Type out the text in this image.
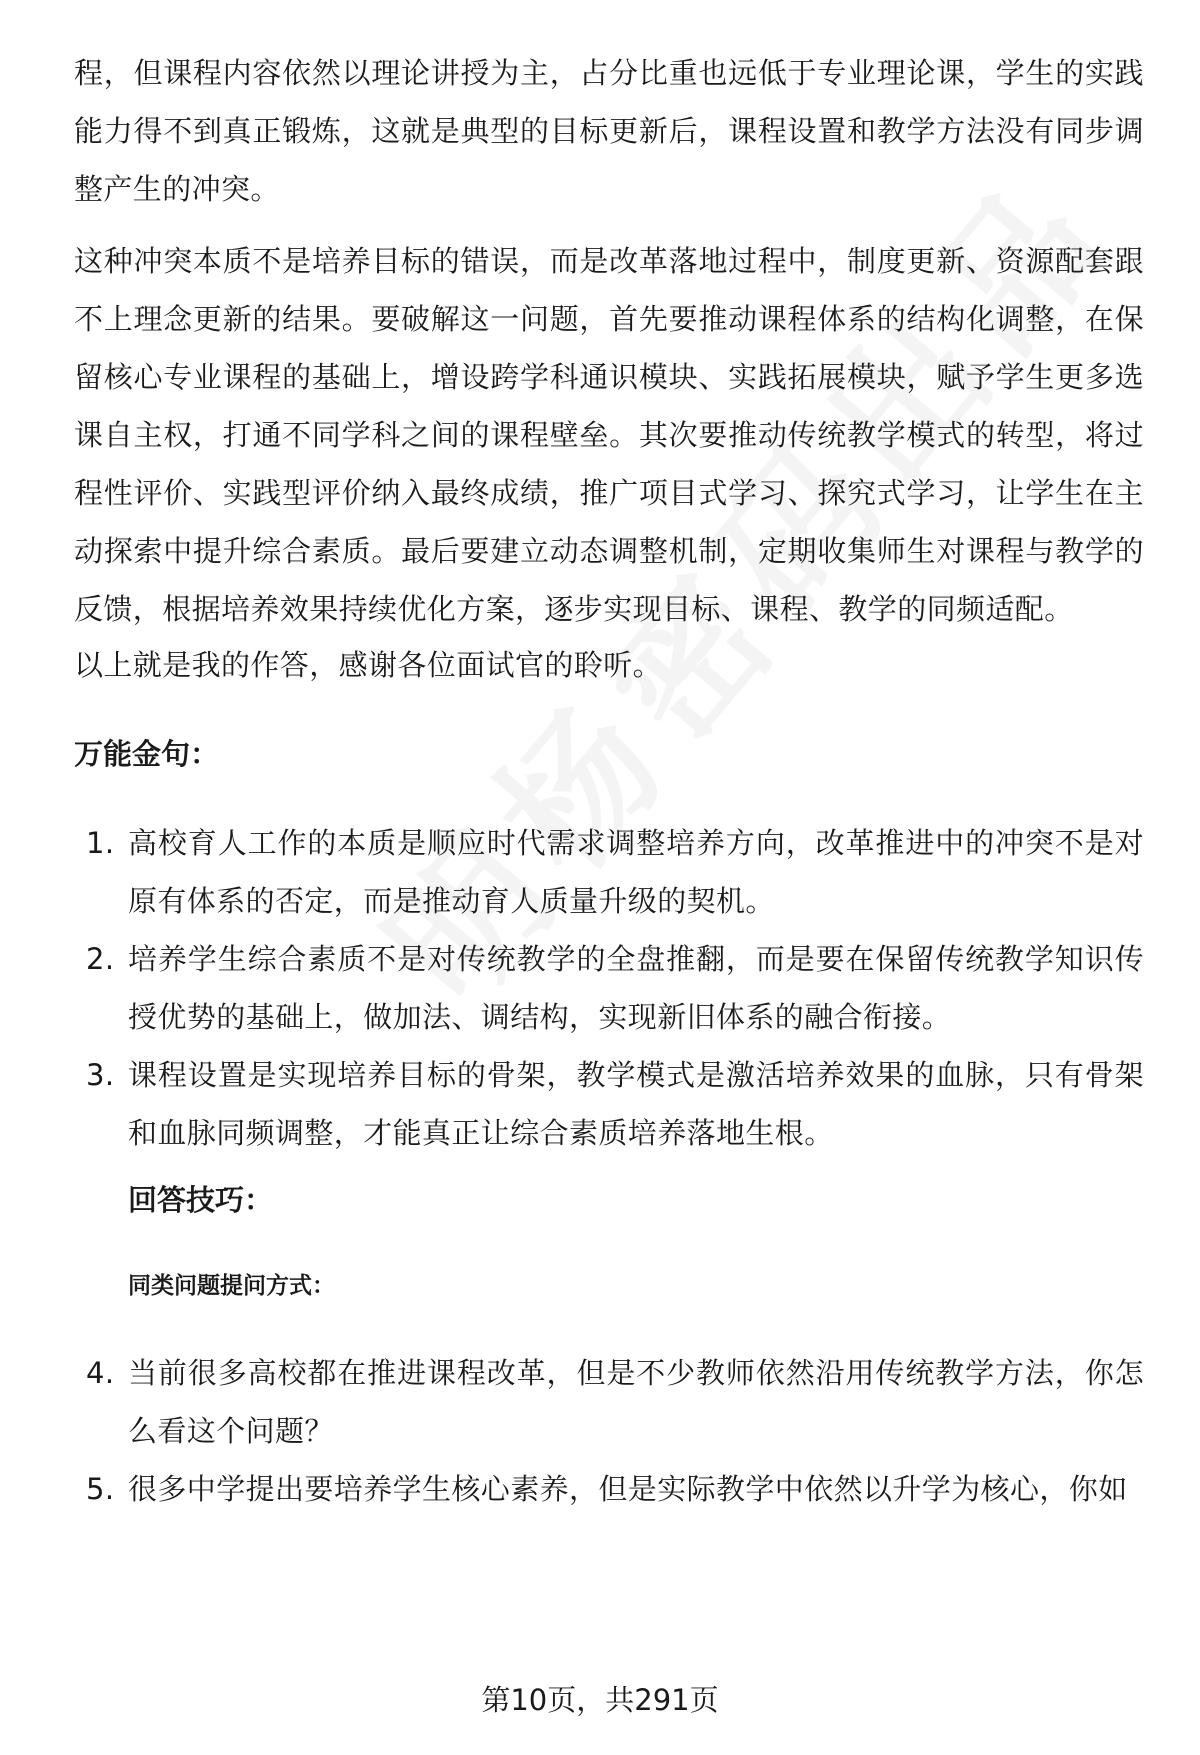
程，但课程内容依然以理论讲授为主，占分比重也远低于专业理论课，学生的实践能力得不到真正锻炼，这就是典型的目标更新后，课程设置和教学方法没有同步调整产生的冲突。

这种冲突本质不是培养目标的错误，而是改革落地过程中，制度更新、资源配套跟不上理念更新的结果。要破解这一问题，首先要推动课程体系的结构化调整，在保留核心专业课程的基础上，增设跨学科通识模块、实践拓展模块，赋予学生更多选课自主权，打通不同学科之间的课程壁垒。其次要推动传统教学模式的转型，将过程性评价、实践型评价纳入最终成绩，推广项目式学习、探究式学习，让学生在主动探索中提升综合素质。最后要建立动态调整机制，定期收集师生对课程与教学的反馈，根据培养效果持续优化方案，逐步实现目标、课程、教学的同频适配。

以上就是我的作答，感谢各位面试官的聆听。

万能金句：
1. 高校育人工作的本质是顺应时代需求调整培养方向，改革推进中的冲突不是对原有体系的否定，而是推动育人质量升级的契机。
2. 培养学生综合素质不是对传统教学的全盘推翻，而是要在保留传统教学知识传授优势的基础上，做加法、调结构，实现新旧体系的融合衔接。
3. 课程设置是实现培养目标的骨架，教学模式是激活培养效果的血脉，只有骨架和血脉同频调整，才能真正让综合素质培养落地生根。
回答技巧：
同类问题提问方式：
4. 当前很多高校都在推进课程改革，但是不少教师依然沿用传统教学方法，你怎么看这个问题？
5. 很多中学提出要培养学生核心素养，但是实际教学中依然以升学为核心，你如
第10页，共291页
